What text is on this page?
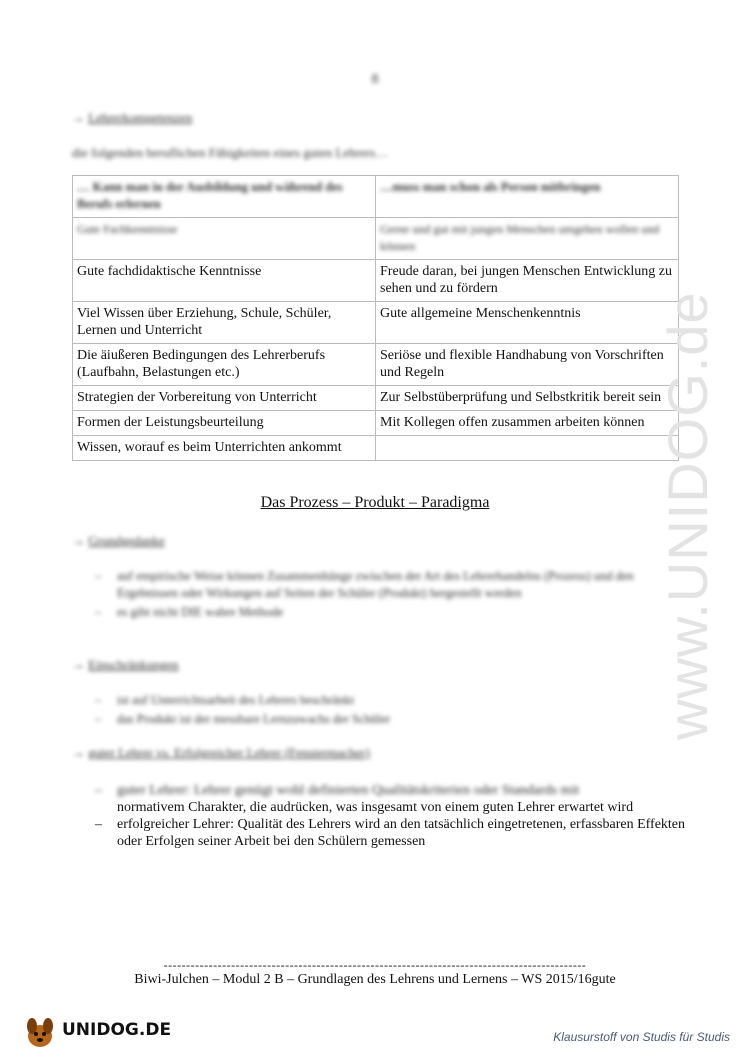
8
→ Lehrerkompetenzen
die folgenden beruflichen Fähigkeiten eines guten Lehrers…
… Kann man in der Ausbildung und während des Berufs erlernen	…muss man schon als Person mitbringen
Gute Fachkenntnisse	Gerne und gut mit jungen Menschen umgehen wollen und können
Gute fachdidaktische Kenntnisse	Freude daran, bei jungen Menschen Entwicklung zu sehen und zu fördern
Viel Wissen über Erziehung, Schule, Schüler, Lernen und Unterricht	Gute allgemeine Menschenkenntnis
Die äiußeren Bedingungen des Lehrerberufs (Laufbahn, Belastungen etc.)	Seriöse und flexible Handhabung von Vorschriften und Regeln
Strategien der Vorbereitung von Unterricht	Zur Selbstüberprüfung und Selbstkritik bereit sein
Formen der Leistungsbeurteilung	Mit Kollegen offen zusammen arbeiten können
Wissen, worauf es beim Unterrichten ankommt	
Das Prozess – Produkt – Paradigma
→ Grundgedanke
– auf empirische Weise können Zusammenhänge zwischen der Art des Lehrerhandelns (Prozess) und den Ergebnissen oder Wirkungen auf Seiten der Schüler (Produkt) hergestellt werden
– es gibt nicht DIE wahre Methode
→ Einschränkungen
– ist auf Unterrichtsarbeit des Lehrers beschränkt
– das Produkt ist der messbare Lernzuwachs der Schüler
→ guter Lehrer vs. Erfolgreicher Lehrer (Fenstermacher)
– guter Lehrer: Lehrer genügt wohl definierten Qualitätskriterien oder Standards mit
normativem Charakter, die audrücken, was insgesamt von einem guten Lehrer erwartet wird
– erfolgreicher Lehrer: Qualität des Lehrers wird an den tatsächlich eingetretenen, erfassbaren Effekten oder Erfolgen seiner Arbeit bei den Schülern gemessen
www.UNIDOG.de
----------------------------------------------------------------------------------------------
Biwi-Julchen – Modul 2 B – Grundlagen des Lehrens und Lernens – WS 2015/16gute
UNIDOG.DE	Klausurstoff von Studis für Studis
